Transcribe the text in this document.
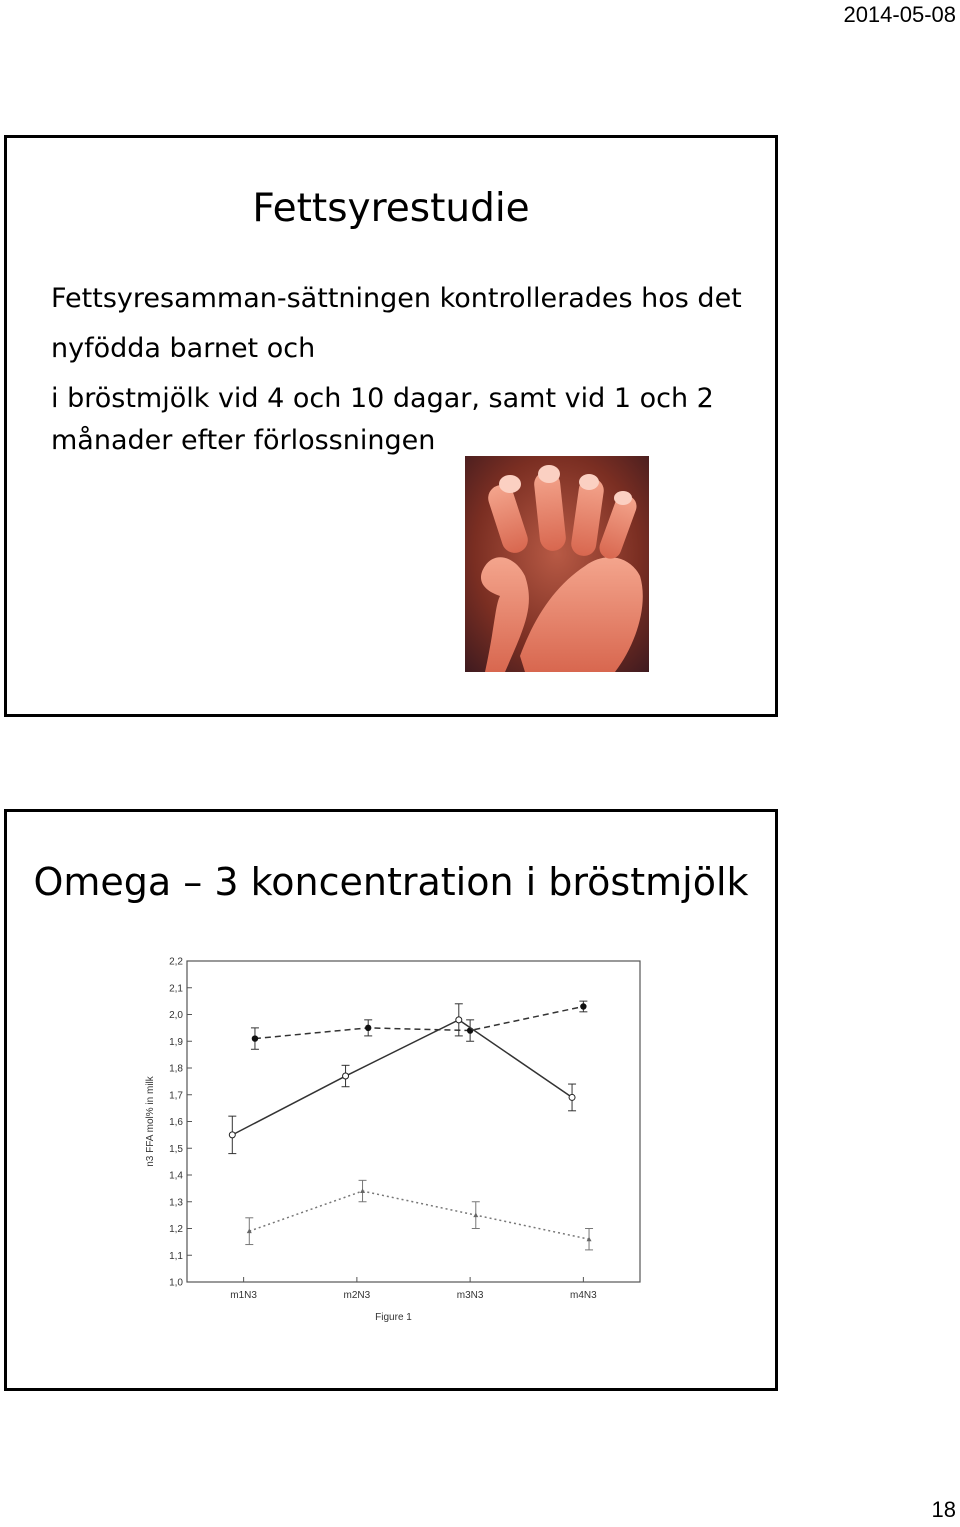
2014-05-08
Fettsyrestudie

Fettsyresamman-sättningen kontrollerades hos det

nyfödda barnet och

i bröstmjölk vid 4 och 10 dagar, samt vid 1 och 2 månader efter förlossningen

Omega – 3 koncentration i bröstmjölk
1,0
1,1
1,2
1,3
1,4
1,5
1,6
1,7
1,8
1,9
2,0
2,1
2,2
m1N3	m2N3	m3N3	m4N3
n3 FFA mol% in milk
Figure 1
18
